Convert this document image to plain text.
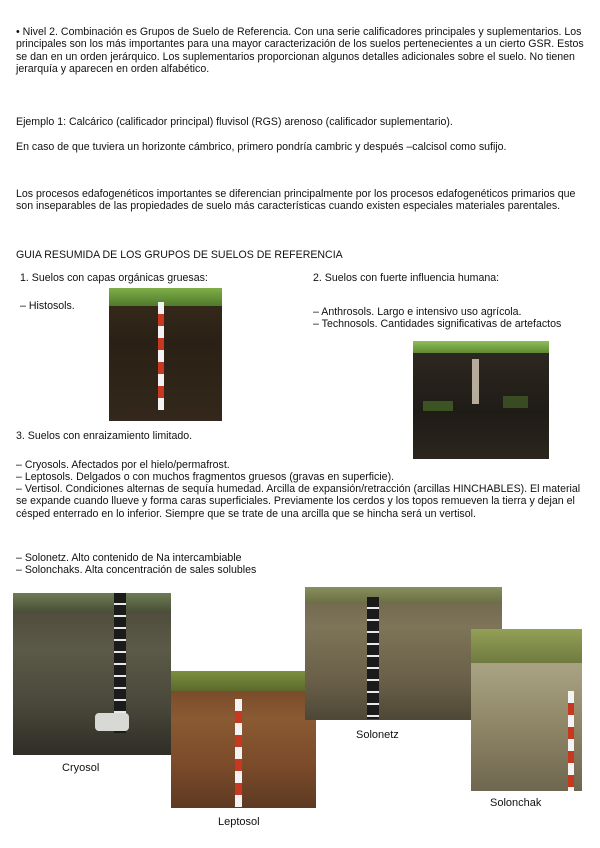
• Nivel 2. Combinación es Grupos de Suelo de Referencia. Con una serie calificadores principales y suplementarios. Los principales son los más importantes para una mayor caracterización de los suelos pertenecientes a un cierto GSR. Estos se dan en un orden jerárquico. Los suplementarios proporcionan algunos detalles adicionales sobre el suelo. No tienen jerarquía y aparecen en orden alfabético.

Ejemplo 1: Calcárico (calificador principal) fluvisol (RGS) arenoso (calificador suplementario).

En caso de que tuviera un horizonte cámbrico, primero pondría cambric y después –calcisol como sufijo.

Los procesos edafogenéticos importantes se diferencian principalmente por los procesos edafogenéticos primarios que son inseparables de las propiedades de suelo más características cuando existen especiales materiales parentales.

GUIA RESUMIDA DE LOS GRUPOS DE SUELOS DE REFERENCIA

1. Suelos con capas orgánicas gruesas:

– Histosols.

2. Suelos con fuerte influencia humana:

– Anthrosols. Largo e intensivo uso agrícola.

– Technosols. Cantidades significativas de artefactos

3. Suelos con enraizamiento limitado.

– Cryosols. Afectados por el hielo/permafrost.

– Leptosols. Delgados o con muchos fragmentos gruesos (gravas en superficie).

– Vertisol. Condiciones alternas de sequía humedad. Arcilla de expansión/retracción (arcillas HINCHABLES). El material se expande cuando llueve y forma caras superficiales. Previamente los cerdos y los topos remueven la tierra y dejan el césped enterrado en lo inferior. Siempre que se trate de una arcilla que se hincha será un vertisol.

– Solonetz. Alto contenido de Na intercambiable

– Solonchaks. Alta concentración de sales solubles

Cryosol

Leptosol

Solonetz

Solonchak
